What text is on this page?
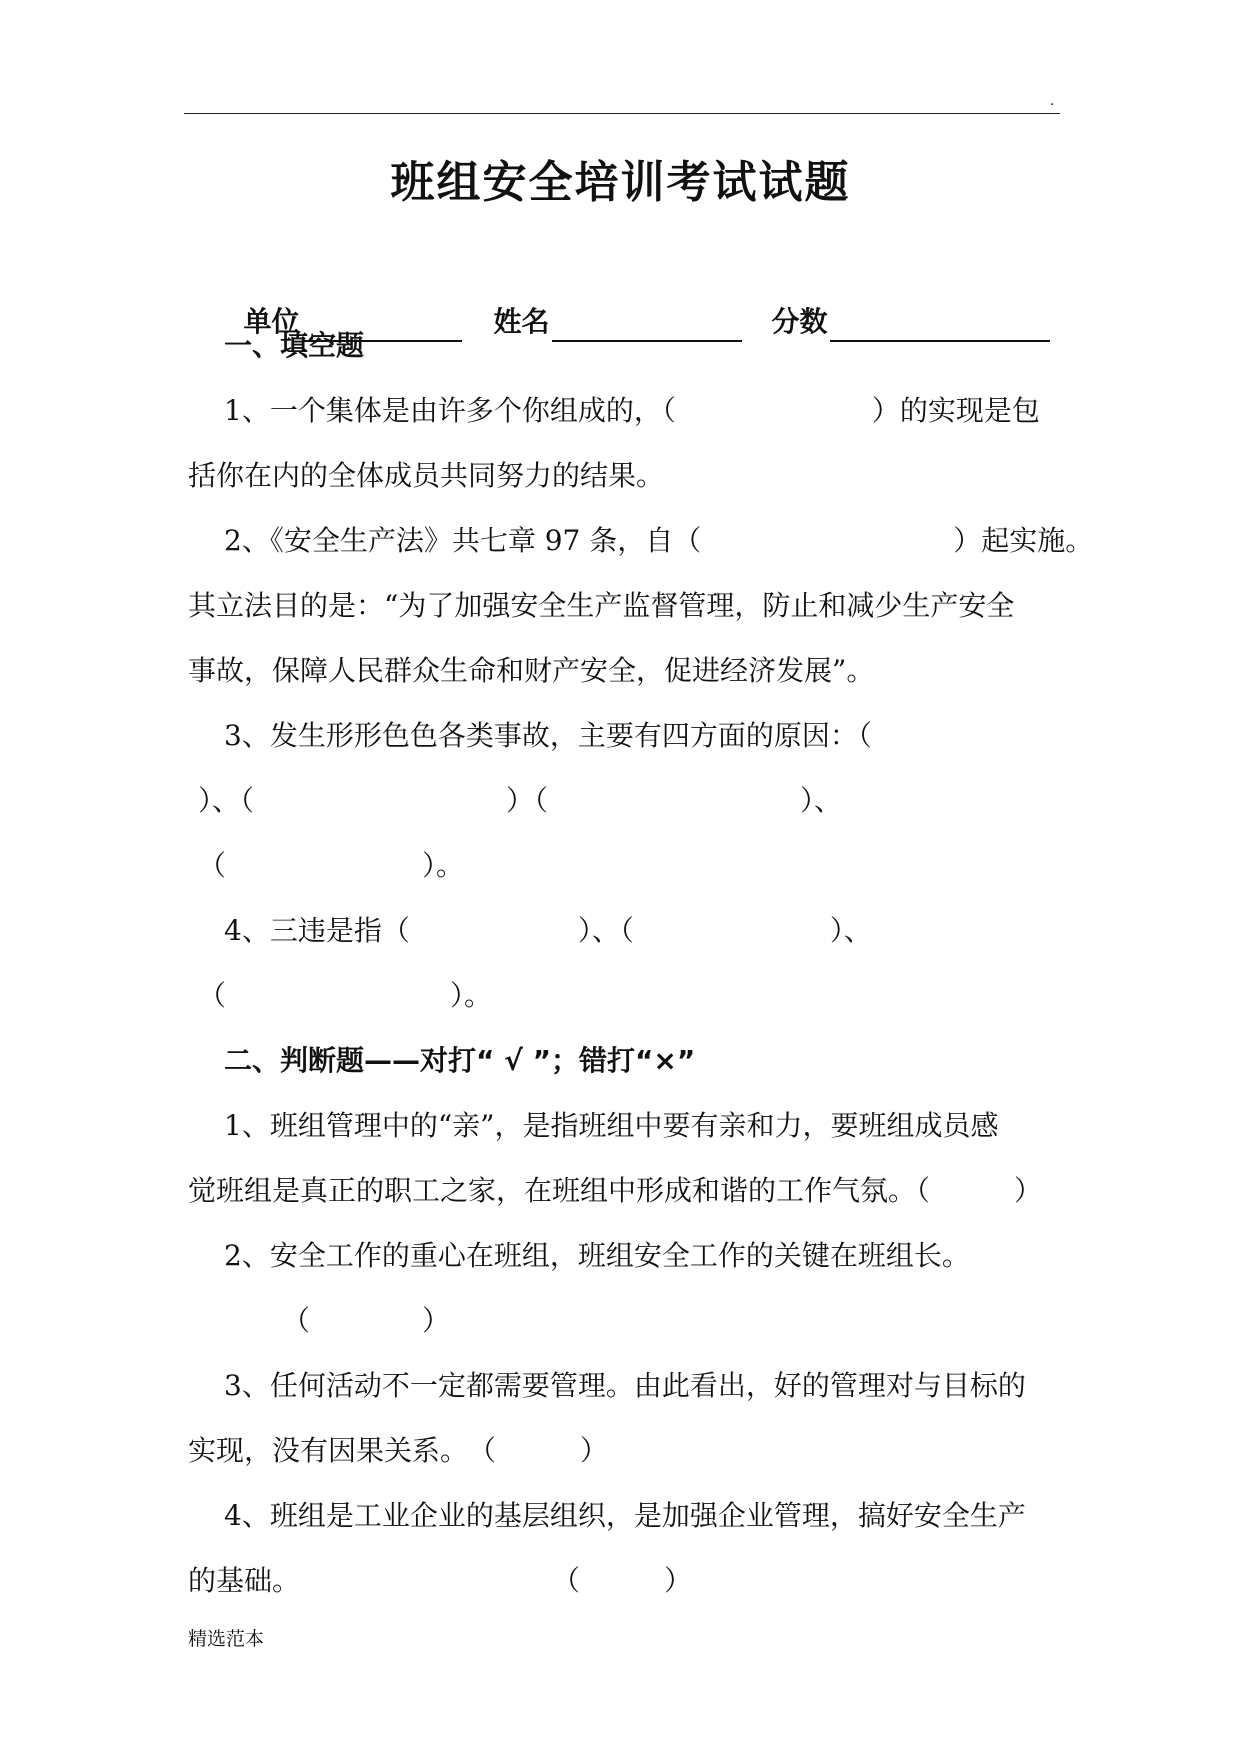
.
班组安全培训考试试题

单位	姓名	分数

一、填空题
1、一个集体是由许多个你组成的，（　　　　　　　）的实现是包
括你在内的全体成员共同努力的结果。
2、《安全生产法》共七章 97 条，自（　　　　　　　　　）起实施。
其立法目的是：“为了加强安全生产监督管理，防止和减少生产安全
事故，保障人民群众生命和财产安全，促进经济发展”。
3、发生形形色色各类事故，主要有四方面的原因：（
）、（　　　　　　　　　）（　　　　　　　　　）、
（　　　　　　　）。
4、三违是指（　　　　　　）、（　　　　　　　）、
（　　　　　　　　）。
二、判断题——对打“ √ ”；错打“×”
1、班组管理中的“亲”，是指班组中要有亲和力，要班组成员感
觉班组是真正的职工之家，在班组中形成和谐的工作气氛。（　　　）
2、安全工作的重心在班组，班组安全工作的关键在班组长。
（　　　　）
3、任何活动不一定都需要管理。由此看出，好的管理对与目标的
实现，没有因果关系。　（　　　）
4、班组是工业企业的基层组织，是加强企业管理，搞好安全生产
的基础。　　　　　　　　　　（　　　）
精选范本
